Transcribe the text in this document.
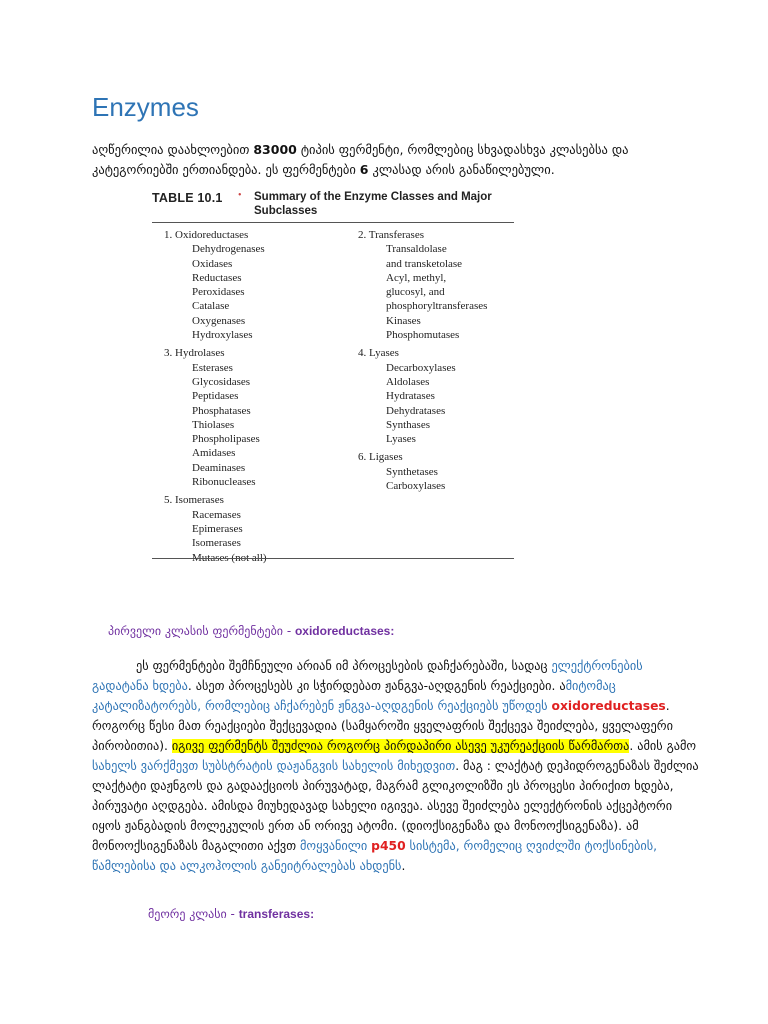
Enzymes
აღწერილია დაახლოებით 83000 ტიპის ფერმენტი, რომლებიც სხვადასხვა კლასებსა და კატეგორიებში ერთიანდება. ეს ფერმენტები 6 კლასად არის განაწილებული.
TABLE 10.1 • Summary of the Enzyme Classes and Major Subclasses
1. Oxidoreductases
Dehydrogenases
Oxidases
Reductases
Peroxidases
Catalase
Oxygenases
Hydroxylases
3. Hydrolases
Esterases
Glycosidases
Peptidases
Phosphatases
Thiolases
Phospholipases
Amidases
Deaminases
Ribonucleases
5. Isomerases
Racemases
Epimerases
Isomerases
Mutases (not all)
2. Transferases
Transaldolase
and transketolase
Acyl, methyl,
glucosyl, and
phosphoryltransferases
Kinases
Phosphomutases
4. Lyases
Decarboxylases
Aldolases
Hydratases
Dehydratases
Synthases
Lyases
6. Ligases
Synthetases
Carboxylases
პირველი კლასის ფერმენტები - oxidoreductases:
ეს ფერმენტები შემჩნეული არიან იმ პროცესების დაჩქარებაში, სადაც ელექტრონების გადატანა ხდება. ასეთ პროცესებს კი სჭირდებათ ჟანგვა-აღდგენის რეაქციები. ამიტომაც კატალიზატორებს, რომლებიც აჩქარებენ ჟნგვა-აღდგენის რეაქციებს უწოდეს oxidoreductases. როგორც წესი მათ რეაქციები შექცევადია (სამყაროში ყველაფრის შექცევა შეიძლება, ყველაფერი პირობითია). იგივე ფერმენტს შეუძლია როგორც პირდაპირი ასევე უკურეაქციის წარმართა. ამის გამო სახელს ვარქმევთ სუბსტრატის დაჟანგვის სახელის მიხედვით. მაგ : ლაქტატ დეჰიდროგენაზას შეძლია ლაქტატი დაჟნგოს და გადააქციოს პირუვატად, მაგრამ გლიკოლიზში ეს პროცესი პირიქით ხდება, პირუვატი აღდგება. ამისდა მიუხედავად სახელი იგივეა. ასევე შეიძლება ელექტრონის აქცეპტორი იყოს ჟანგბადის მოლეკულის ერთ ან ორივე ატომი. (დიოქსიგენაზა და მონოოქსიგენაზა). ამ მონოოქსიგენაზას მაგალითი აქვთ მოყვანილი p450 სისტემა, რომელიც ღვიძლში ტოქსინების, წამლებისა და ალკოჰოლის განეიტრალებას ახდენს.
მეორე კლასი - transferases:
